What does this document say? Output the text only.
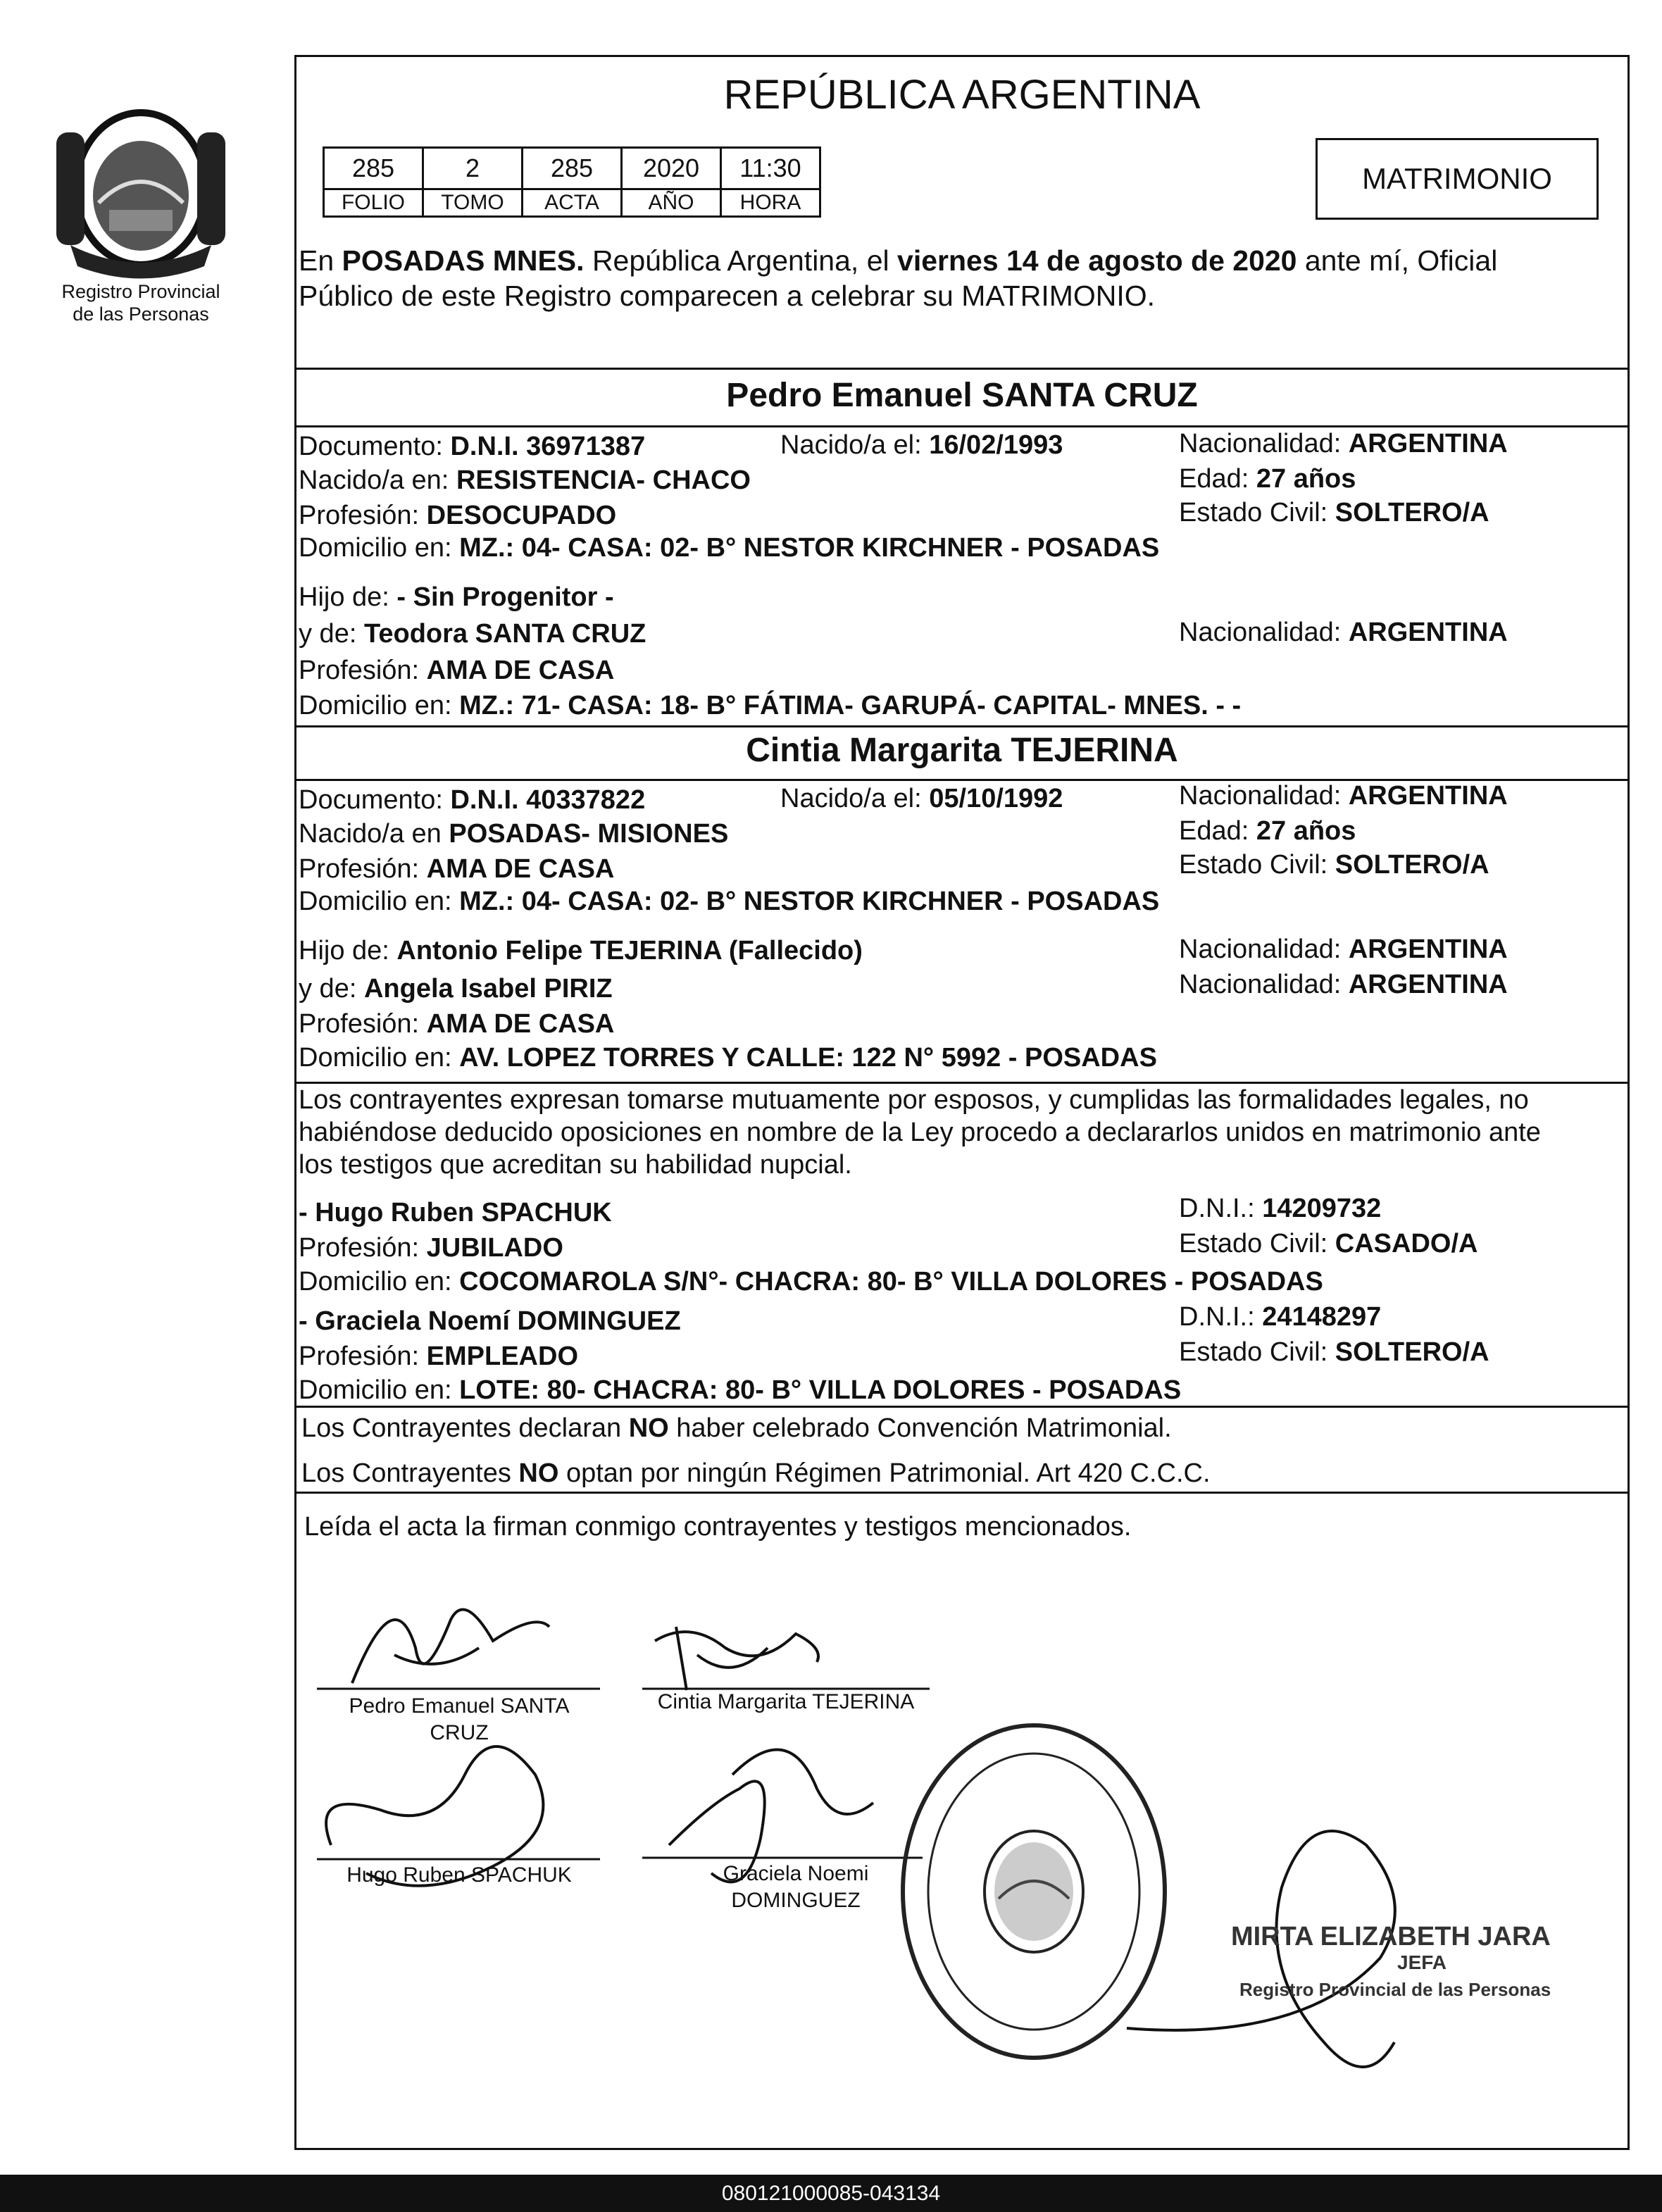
Registro Provincial
de las Personas
REPÚBLICA ARGENTINA
285	2	285	2020	11:30
FOLIO	TOMO	ACTA	AÑO	HORA
MATRIMONIO
En POSADAS MNES. República Argentina, el viernes 14 de agosto de 2020 ante mí, Oficial
Público de este Registro comparecen a celebrar su MATRIMONIO.
Pedro Emanuel SANTA CRUZ
Documento: D.N.I. 36971387	Nacido/a el: 16/02/1993	Nacionalidad: ARGENTINA
Nacido/a en: RESISTENCIA- CHACO	Edad: 27 años
Profesión: DESOCUPADO	Estado Civil: SOLTERO/A
Domicilio en: MZ.: 04- CASA: 02- B° NESTOR KIRCHNER - POSADAS
Hijo de: - Sin Progenitor -
y de: Teodora SANTA CRUZ	Nacionalidad: ARGENTINA
Profesión: AMA DE CASA
Domicilio en: MZ.: 71- CASA: 18- B° FÁTIMA- GARUPÁ- CAPITAL- MNES. - -
Cintia Margarita TEJERINA
Documento: D.N.I. 40337822	Nacido/a el: 05/10/1992	Nacionalidad: ARGENTINA
Nacido/a en POSADAS- MISIONES	Edad: 27 años
Profesión: AMA DE CASA	Estado Civil: SOLTERO/A
Domicilio en: MZ.: 04- CASA: 02- B° NESTOR KIRCHNER - POSADAS
Hijo de: Antonio Felipe TEJERINA (Fallecido)	Nacionalidad: ARGENTINA
y de: Angela Isabel PIRIZ	Nacionalidad: ARGENTINA
Profesión: AMA DE CASA
Domicilio en: AV. LOPEZ TORRES Y CALLE: 122 N° 5992 - POSADAS
Los contrayentes expresan tomarse mutuamente por esposos, y cumplidas las formalidades legales, no
habiéndose deducido oposiciones en nombre de la Ley procedo a declararlos unidos en matrimonio ante
los testigos que acreditan su habilidad nupcial.
- Hugo Ruben SPACHUK	D.N.I.: 14209732
Profesión: JUBILADO	Estado Civil: CASADO/A
Domicilio en: COCOMAROLA S/N°- CHACRA: 80- B° VILLA DOLORES - POSADAS
- Graciela Noemí DOMINGUEZ	D.N.I.: 24148297
Profesión: EMPLEADO	Estado Civil: SOLTERO/A
Domicilio en: LOTE: 80- CHACRA: 80- B° VILLA DOLORES - POSADAS
Los Contrayentes declaran NO haber celebrado Convención Matrimonial.
Los Contrayentes NO optan por ningún Régimen Patrimonial. Art 420 C.C.C.
Leída el acta la firman conmigo contrayentes y testigos mencionados.
Pedro Emanuel SANTA
CRUZ
Cintia Margarita TEJERINA
Hugo Ruben SPACHUK	Graciela Noemi
DOMINGUEZ
MIRTA ELIZABETH JARA
JEFA
Registro Provincial de las Personas
080121000085-043134
